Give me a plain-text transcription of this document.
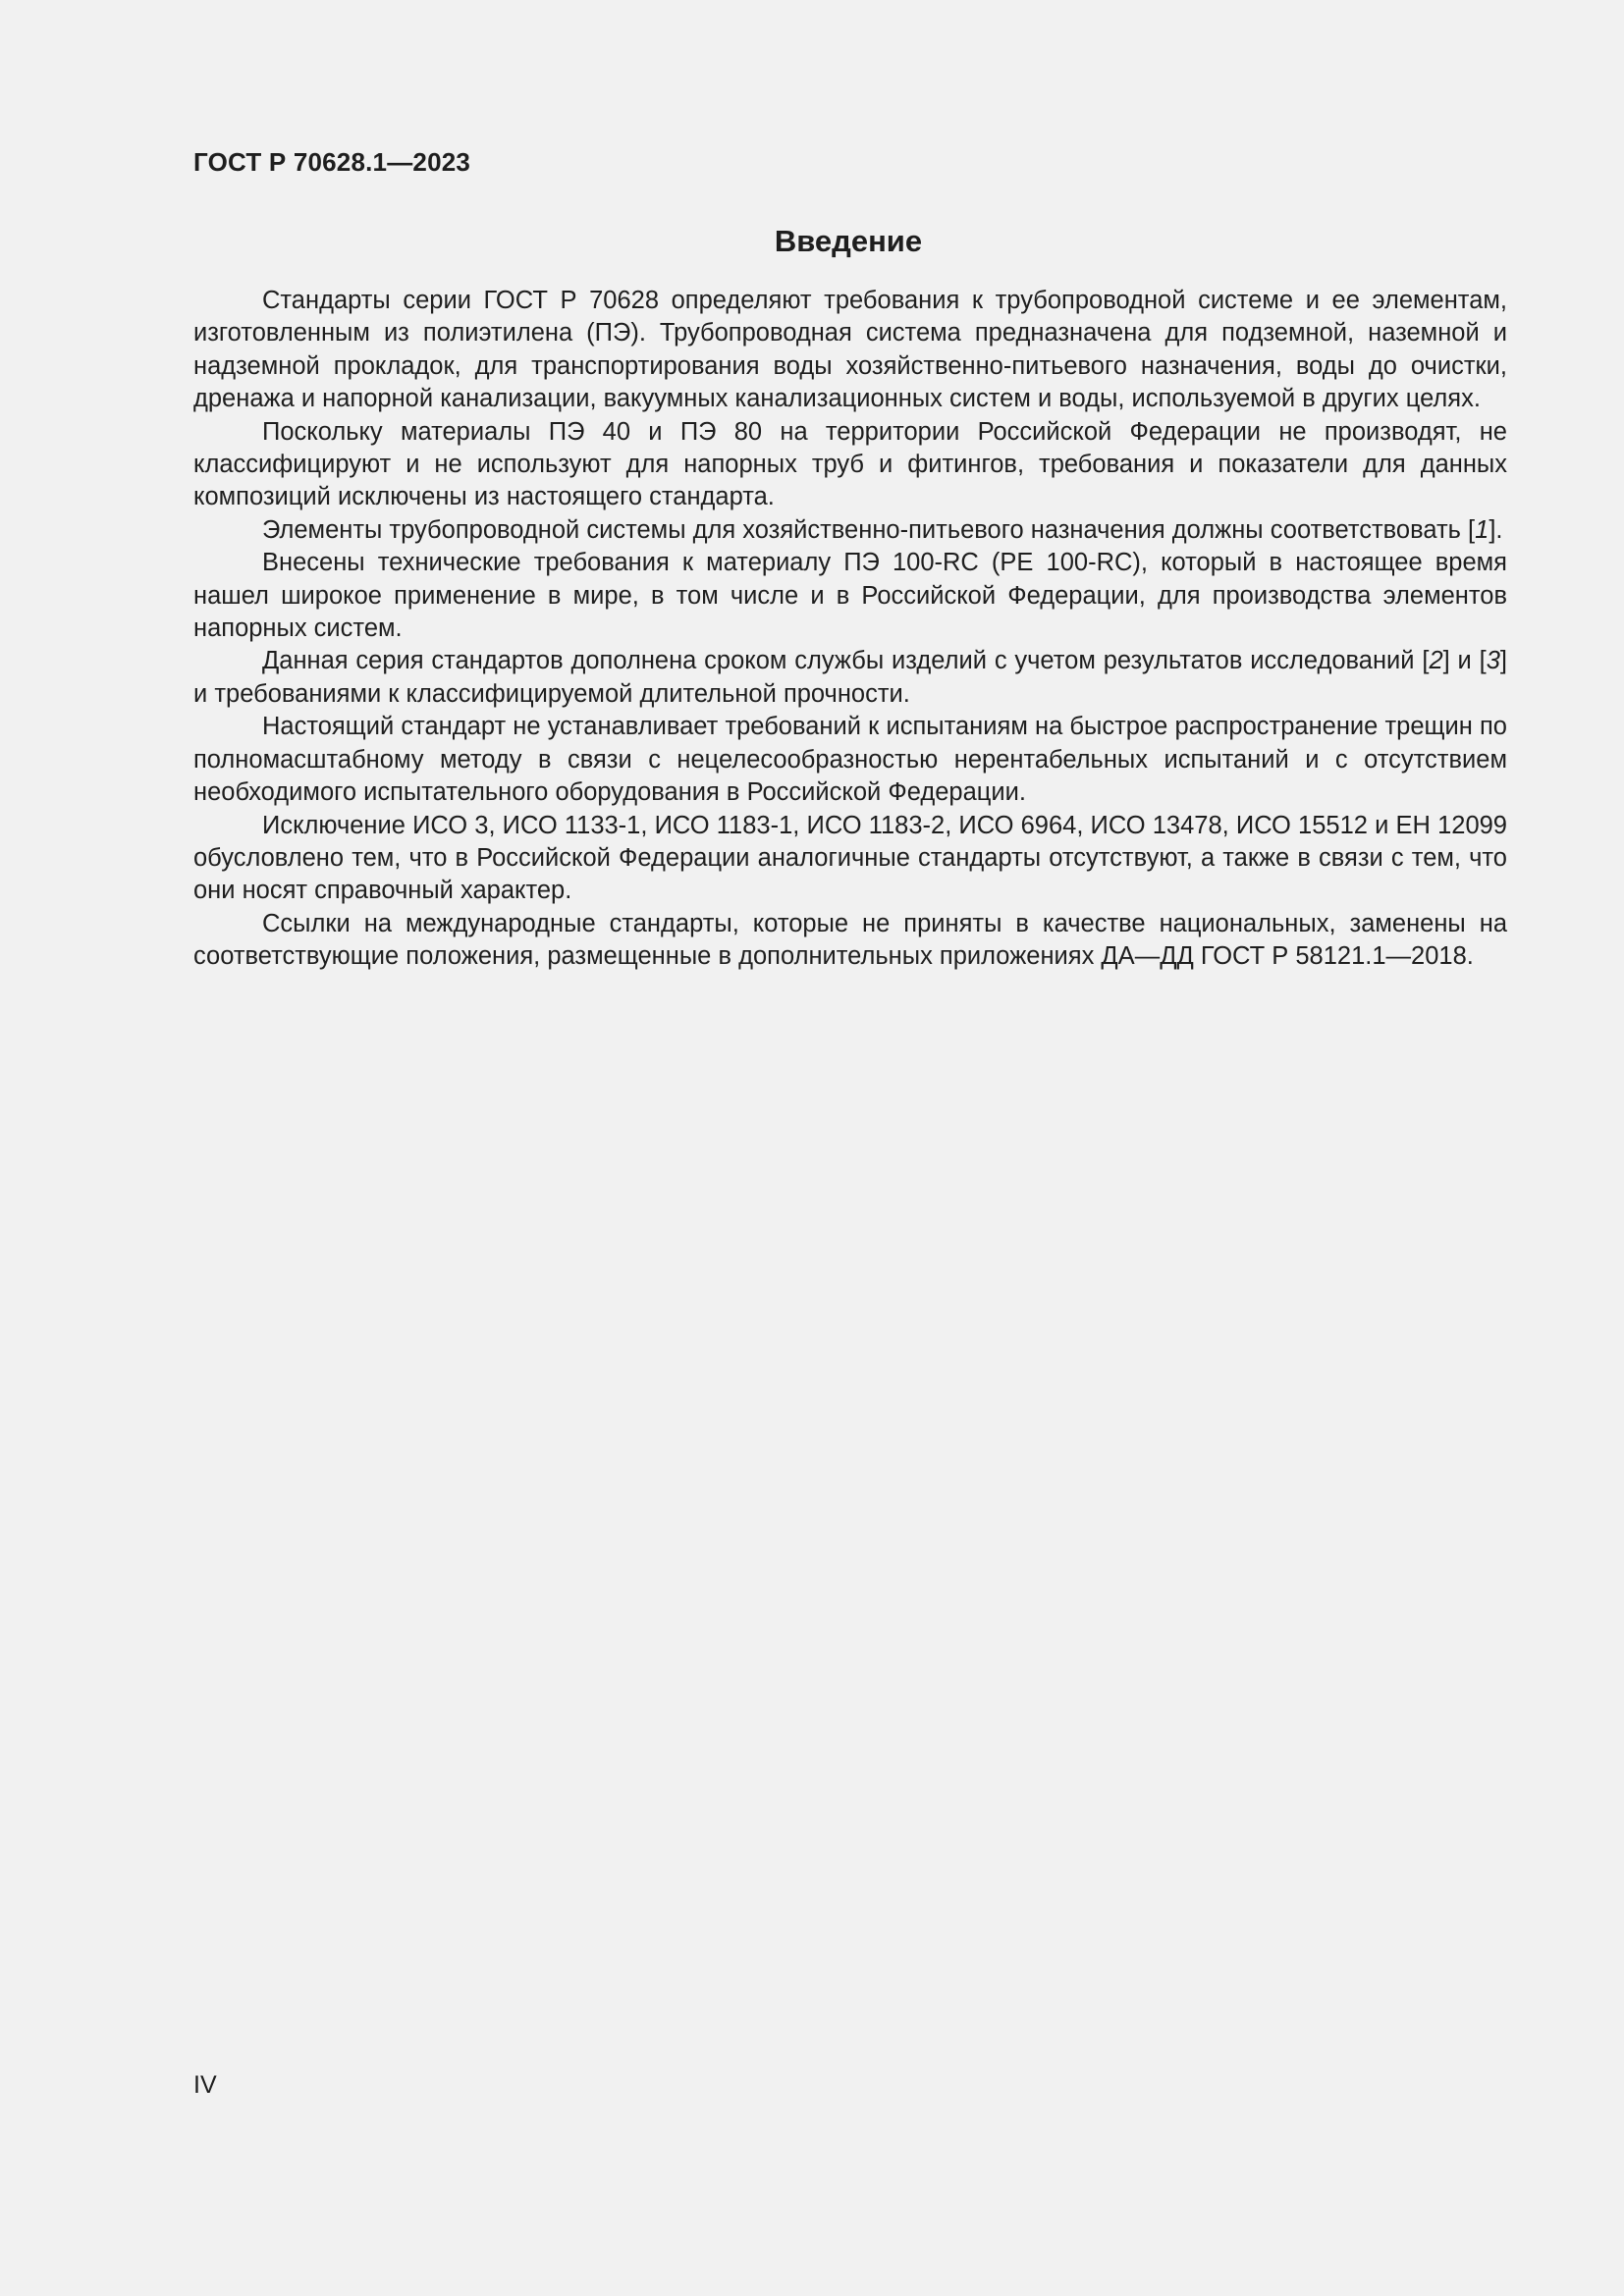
ГОСТ Р 70628.1—2023
Введение

Стандарты серии ГОСТ Р 70628 определяют требования к трубопроводной системе и ее элементам, изготовленным из полиэтилена (ПЭ). Трубопроводная система предназначена для подземной, наземной и надземной прокладок, для транспортирования воды хозяйственно-питьевого назначения, воды до очистки, дренажа и напорной канализации, вакуумных канализационных систем и воды, используемой в других целях.

Поскольку материалы ПЭ 40 и ПЭ 80 на территории Российской Федерации не производят, не классифицируют и не используют для напорных труб и фитингов, требования и показатели для данных композиций исключены из настоящего стандарта.

Элементы трубопроводной системы для хозяйственно-питьевого назначения должны соответствовать [1].

Внесены технические требования к материалу ПЭ 100-RC (PE 100-RC), который в настоящее время нашел широкое применение в мире, в том числе и в Российской Федерации, для производства элементов напорных систем.

Данная серия стандартов дополнена сроком службы изделий с учетом результатов исследований [2] и [3] и требованиями к классифицируемой длительной прочности.

Настоящий стандарт не устанавливает требований к испытаниям на быстрое распространение трещин по полномасштабному методу в связи с нецелесообразностью нерентабельных испытаний и с отсутствием необходимого испытательного оборудования в Российской Федерации.

Исключение ИСО 3, ИСО 1133-1, ИСО 1183-1, ИСО 1183-2, ИСО 6964, ИСО 13478, ИСО 15512 и ЕН 12099 обусловлено тем, что в Российской Федерации аналогичные стандарты отсутствуют, а также в связи с тем, что они носят справочный характер.

Ссылки на международные стандарты, которые не приняты в качестве национальных, заменены на соответствующие положения, размещенные в дополнительных приложениях ДА—ДД ГОСТ Р 58121.1—2018.

IV
